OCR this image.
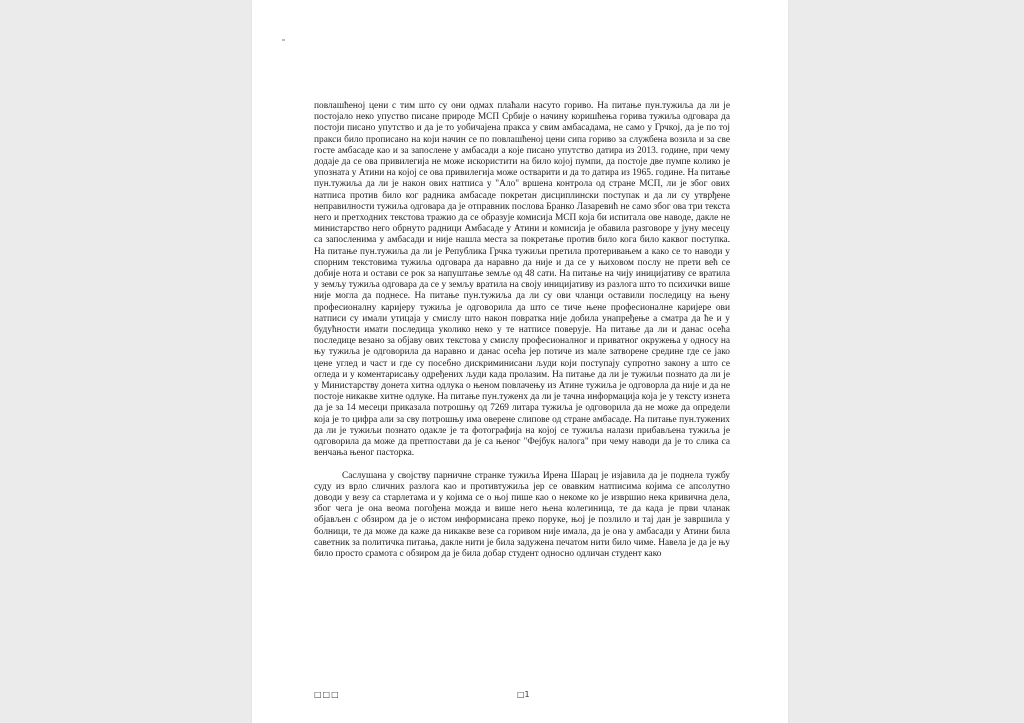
повлашћеној цени с тим што су они одмах плаћали насуто гориво. На питање пун.тужиља да ли је постојало неко упуство писане природе МСП Србије о начину коришћења горива тужиља одговара да постоји писано упутство и да је то уобичајена пракса у свим амбасадама, не само у Грчкој, да је по тој пракси било прописано на који начин се по повлашћеној цени сипа гориво за службена возила и за све госте амбасаде као и за запослене у амбасади а које писано упутство датира из 2013. године, при чему додаје да се ова привилегија не може искористити на било којој пумпи, да постоје две пумпе колико је упозната у Атини на којој се ова привилегија може остварити и да то датира из 1965. године. На питање пун.тужиља да ли је након ових натписа у "Ало" вршена контрола од стране МСП, ли је због ових натписа против било ког радника амбасаде покретан дисциплински поступак и да ли су утврђене неправилности тужиља одговара да је отправник послова Бранко Лазаревић не само због ова три текста него и претходних текстова тражио да се образује комисија МСП која би испитала ове наводе, дакле не министарство него обрнуто радници Амбасаде у Атини и комисија је обавила разговоре у јуну месецу са запосленима у амбасади и није нашла места за покретање против било кога било каквог поступка. На питање пун.тужиља да ли је Република Грчка тужиљи претила протеривањем а како се то наводи у спорним текстовима тужиља одговара да наравно да није и да се у њиховом послу не прети већ се добије нота и остави се рок за напуштање земље од 48 сати. На питање на чију иницијативу се вратила у земљу тужиља одговара да се у земљу вратила на своју иницијативу из разлога што то психички више није могла да поднесе. На питање пун.тужиља да ли су ови чланци оставили последицу на њену професионалну каријеру тужиља је одговорила да што се тиче њене професионалне каријере ови натписи су имали утицаја у смислу што након повратка није добила унапређење а сматра да ће и у будућности имати последица уколико неко у те натписе поверује. На питање да ли и данас осећа последице везано за објаву ових текстова у смислу професионалног и приватног окружења у односу на њу тужиља је одговорила да наравно и данас осећа јер потиче из мале затворене средине где се јако цене углед и част и где су посебно дискриминисани људи који поступају супротно закону а што се огледа и у коментарисању одређених људи када пролазим. На питање да ли је тужиљи познато да ли је у Министарству донета хитна одлука о њеном повлачењу из Атине тужиља је одговорла да није и да не постоје никакве хитне одлуке. На питање пун.туженх да ли је тачна информација која је у тексту изнета да је за 14 месеци приказала потрошњу од 7269 литара тужиља је одговорила да не може да определи која је то цифра али за сву потрошњу има оверене слипове од стране амбасаде. На питање пун.тужених да ли је тужиљи познато одакле је та фотографија на којој се тужиља налази прибављена тужиља је одговорила да може да претпостави да је са њеног "Фејбук налога" при чему наводи да је то слика са венчања њеног пасторка.

Саслушана у својству парничне странке тужиља Ирена Шарац је изјавила да је поднела тужбу суду из врло сличних разлога као и противтужиља јер се овавким натписима којима се апсолутно доводи у везу са старлетама и у којима се о њој пише као о некоме ко је извршио нека кривична дела, због чега је она веома погођена можда и више него њена колегиница, те да када је први чланак објављен с обзиром да је о истом информисана преко поруке, њој је позлило и тај дан је завршила у болници, те да може да каже да никакве везе са горивом није имала, да је она у амбасади у Атини била саветник за политичка питања, дакле нити је била задужена печатом нити било чиме. Навела је да је њу било просто срамота с обзиром да је била добар студент односно одличан студент како

□□□	□1
